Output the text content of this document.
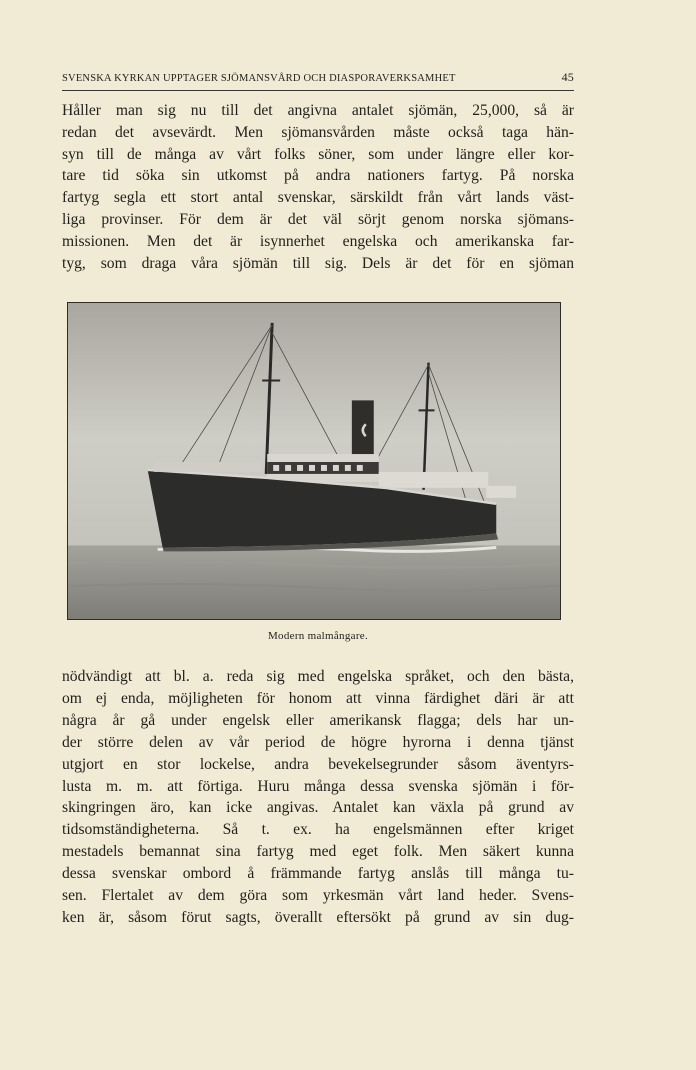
SVENSKA KYRKAN UPPTAGER SJÖMANSVÅRD OCH DIASPORAVERKSAMHET	45

Håller man sig nu till det angivna antalet sjömän, 25,000, så är
redan det avsevärdt. Men sjömansvården måste också taga hän-
syn till de många av vårt folks söner, som under längre eller kor-
tare tid söka sin utkomst på andra nationers fartyg. På norska
fartyg segla ett stort antal svenskar, särskildt från vårt lands väst-
liga provinser. För dem är det väl sörjt genom norska sjömans-
missionen. Men det är isynnerhet engelska och amerikanska far-
tyg, som draga våra sjömän till sig. Dels är det för en sjöman

Modern malmångare.

nödvändigt att bl. a. reda sig med engelska språket, och den bästa,
om ej enda, möjligheten för honom att vinna färdighet däri är att
några år gå under engelsk eller amerikansk flagga; dels har un-
der större delen av vår period de högre hyrorna i denna tjänst
utgjort en stor lockelse, andra bevekelsegrunder såsom äventyrs-
lusta m. m. att förtiga. Huru många dessa svenska sjömän i för-
skingringen äro, kan icke angivas. Antalet kan växla på grund av
tidsomständigheterna. Så t. ex. ha engelsmännen efter kriget
mestadels bemannat sina fartyg med eget folk. Men säkert kunna
dessa svenskar ombord å främmande fartyg anslås till många tu-
sen. Flertalet av dem göra som yrkesmän vårt land heder. Svens-
ken är, såsom förut sagts, överallt eftersökt på grund av sin dug-
